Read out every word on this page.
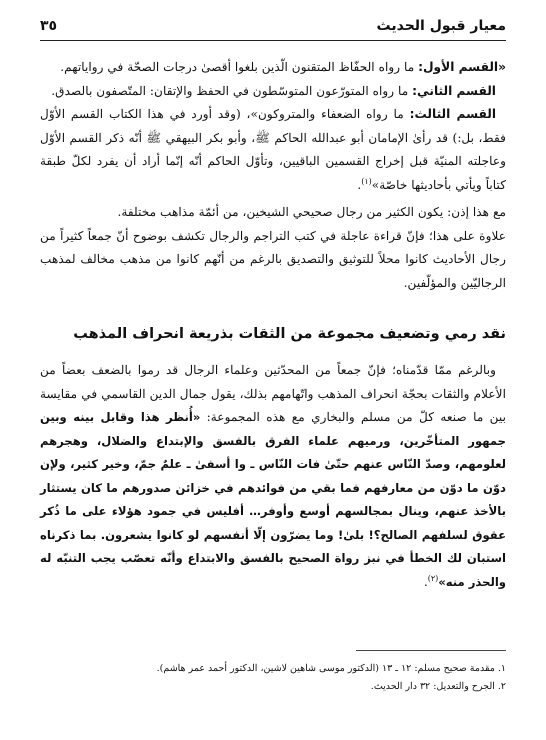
معيار قبول الحديث
٣٥

«القسم الأول: ما رواه الحفّاظ المتقنون الّذين بلغوا أقصىٰ درجات الصحّة في رواياتهم.

القسم الثاني: ما رواه المتورّعون المتوسّطون في الحفظ والإتقان: المتّصفون بالصدق.

القسم الثالث: ما رواه الضعفاء والمتروكون»، (وقد أورد في هذا الكتاب القسم الأوّل فقط، بل:) قد رأىٰ الإمامان أبو عبدالله الحاكم ﷺ، وأبو بكر البيهقي ﷺ أنّه ذكر القسم الأوّل وعاجلته المنيّة قبل إخراج القسمين الباقيين، وتأوّل الحاكم أنّه إنّما أراد أن يفرد لكلّ طبقة كتاباً ويأتي بأحاديثها خاصّة»$^{(١)}$.

مع هذا إذن: يكون الكثير من رجال صحيحي الشيخين، من أئمّة مذاهب مختلفة.

علاوة على هذا؛ فإنّ قراءة عاجلة في كتب التراجم والرجال تكشف بوضوح أنّ جمعاً كثيراً من رجال الأحاديث كانوا محلاً للتوثيق والتصديق بالرغم من أنّهم كانوا من مذهب مخالف لمذهب الرجاليّين والمؤلّفين.

نقد رمي وتضعيف مجموعة من الثقات بذريعة انحراف المذهب

وبالرغم ممّا قدّمناه؛ فإنّ جمعاً من المحدّثين وعلماء الرجال قد رموا بالضعف بعضاً من الأعلام والثقات بحجّة انحراف المذهب واتّهامهم بذلك، يقول جمال الدين القاسمي في مقايسة بين ما صنعه كلّ من مسلم والبخاري مع هذه المجموعة: «أُنظر هذا وقابل بينه وبين جمهور المتأخّرين، ورميهم علماء الفرق بالفسق والإبتداع والضلال، وهجرهم لعلومهم، وصدّ النّاس عنهم حتّىٰ فات النّاس ـ وا أسفىٰ ـ علمٌ جمّ، وخير كثير، ولإن دوّن ما دوّن من معارفهم فما بقي من فوائدهم في خزائن صدورهم ما كان يستثار بالأخذ عنهم، وينال بمجالسهم أوسع وأوفر… أفليس في جمود هؤلاء على ما ذُكر عقوق لسلفهم الصالح؟! بلىٰ! وما يضرّون إلّا أنفسهم لو كانوا يشعرون. بما ذكرناه استبان لك الخطأ في نبز رواة الصحيح بالفسق والابتداع وأنّه تعصّب يجب التنبّه له والحذر منه»$^{(٢)}$.

١. مقدمة صحيح مسلم: ١٢ ـ ١٣ (الدكتور موسى شاهين لاشين، الدكتور أحمد عمر هاشم).

٢. الجرح والتعديل: ٣٢ دار الحديث.
